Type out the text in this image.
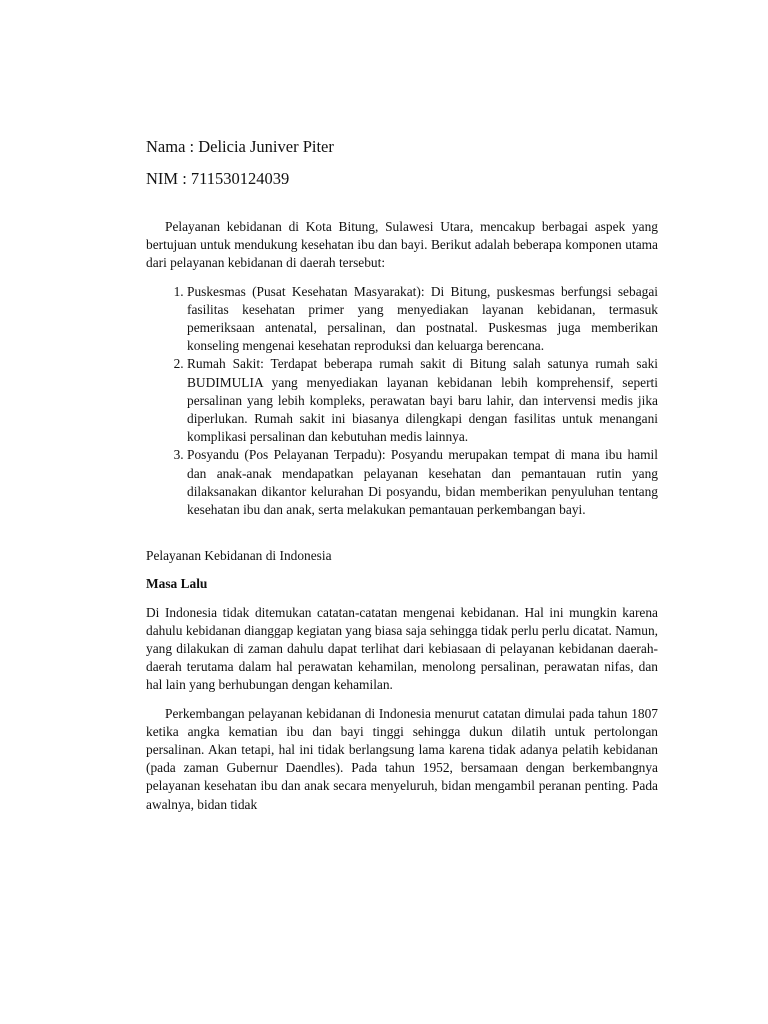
Nama : Delicia Juniver Piter

NIM : 711530124039

Pelayanan kebidanan di Kota Bitung, Sulawesi Utara, mencakup berbagai aspek yang bertujuan untuk mendukung kesehatan ibu dan bayi. Berikut adalah beberapa komponen utama dari pelayanan kebidanan di daerah tersebut:

1. Puskesmas (Pusat Kesehatan Masyarakat): Di Bitung, puskesmas berfungsi sebagai fasilitas kesehatan primer yang menyediakan layanan kebidanan, termasuk pemeriksaan antenatal, persalinan, dan postnatal. Puskesmas juga memberikan konseling mengenai kesehatan reproduksi dan keluarga berencana.
2. Rumah Sakit: Terdapat beberapa rumah sakit di Bitung salah satunya rumah saki BUDIMULIA yang menyediakan layanan kebidanan lebih komprehensif, seperti persalinan yang lebih kompleks, perawatan bayi baru lahir, dan intervensi medis jika diperlukan. Rumah sakit ini biasanya dilengkapi dengan fasilitas untuk menangani komplikasi persalinan dan kebutuhan medis lainnya.
3. Posyandu (Pos Pelayanan Terpadu): Posyandu merupakan tempat di mana ibu hamil dan anak-anak mendapatkan pelayanan kesehatan dan pemantauan rutin yang dilaksanakan dikantor kelurahan Di posyandu, bidan memberikan penyuluhan tentang kesehatan ibu dan anak, serta melakukan pemantauan perkembangan bayi.

Pelayanan Kebidanan di Indonesia

Masa Lalu

Di Indonesia tidak ditemukan catatan-catatan mengenai kebidanan. Hal ini mungkin karena dahulu kebidanan dianggap kegiatan yang biasa saja sehingga tidak perlu perlu dicatat. Namun, yang dilakukan di zaman dahulu dapat terlihat dari kebiasaan di pelayanan kebidanan daerah-daerah terutama dalam hal perawatan kehamilan, menolong persalinan, perawatan nifas, dan hal lain yang berhubungan dengan kehamilan.

Perkembangan pelayanan kebidanan di Indonesia menurut catatan dimulai pada tahun 1807 ketika angka kematian ibu dan bayi tinggi sehingga dukun dilatih untuk pertolongan persalinan. Akan tetapi, hal ini tidak berlangsung lama karena tidak adanya pelatih kebidanan (pada zaman Gubernur Daendles). Pada tahun 1952, bersamaan dengan berkembangnya pelayanan kesehatan ibu dan anak secara menyeluruh, bidan mengambil peranan penting. Pada awalnya, bidan tidak
